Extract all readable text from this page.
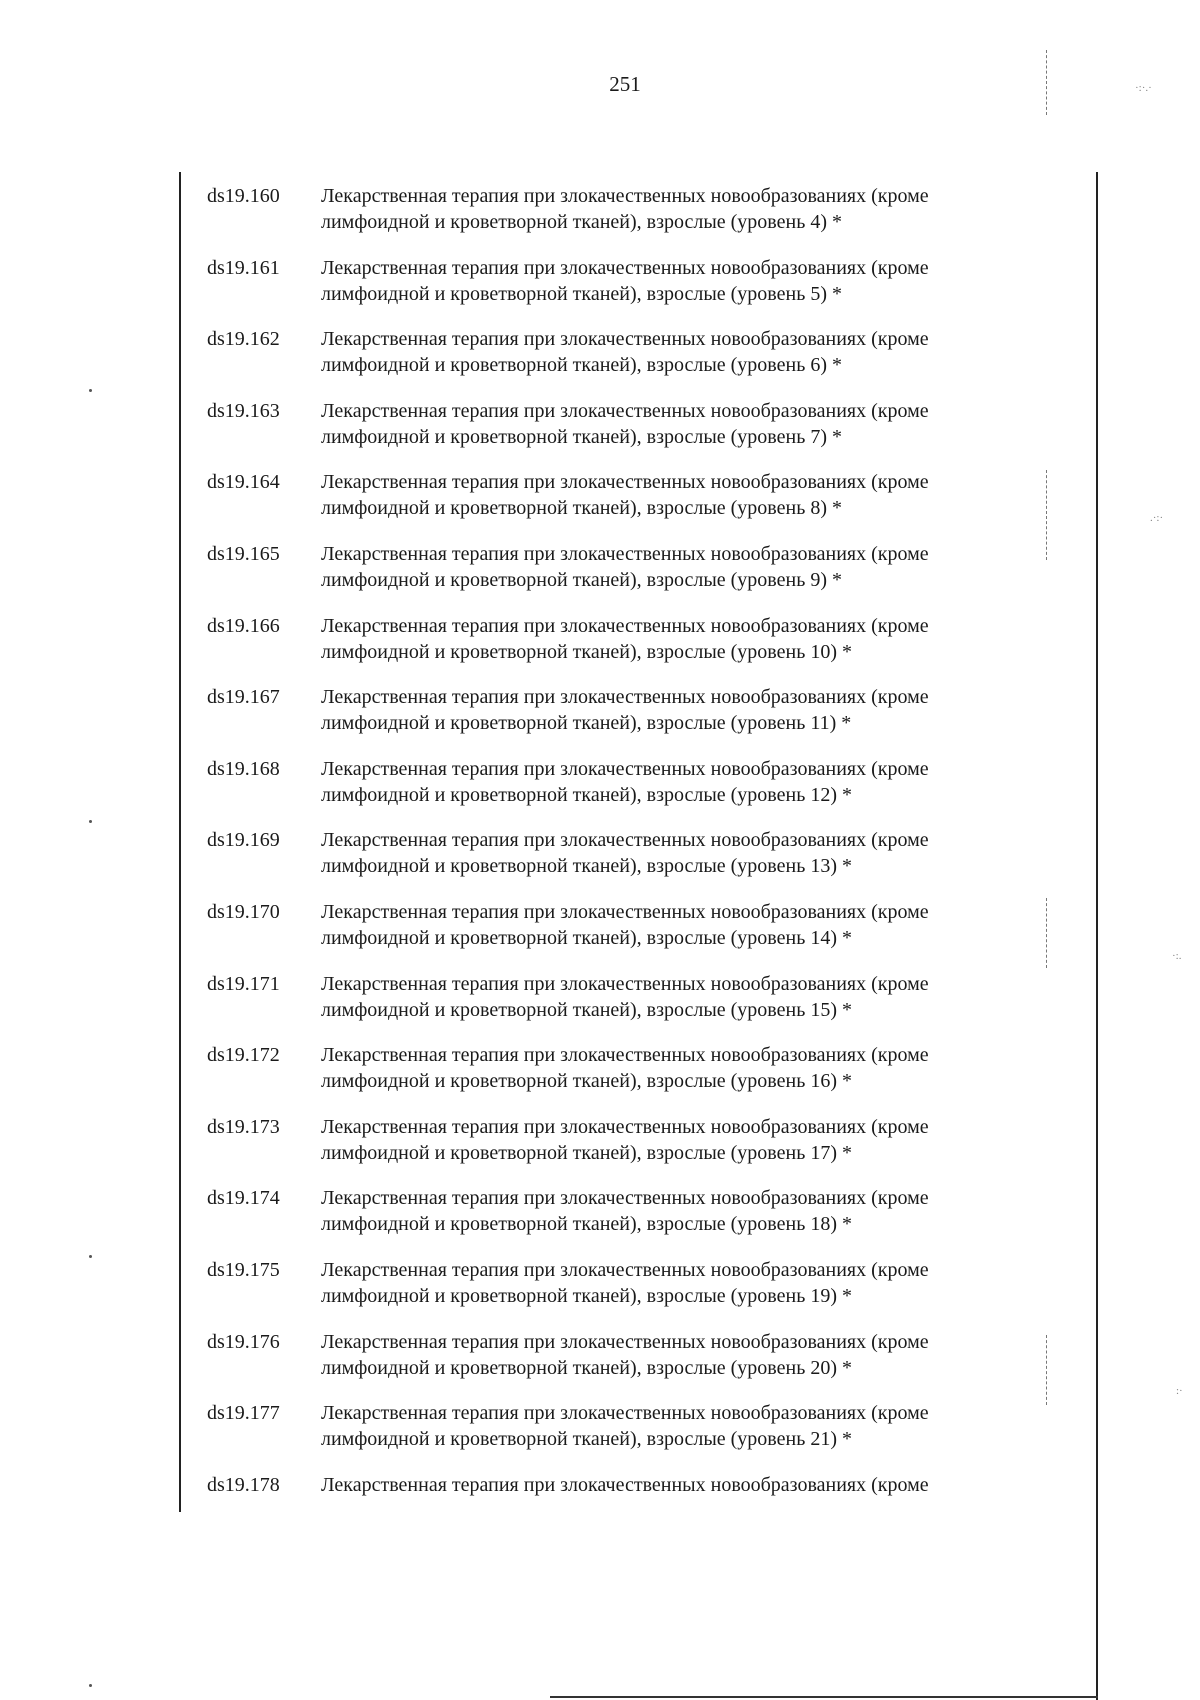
251
ds19.160 Лекарственная терапия при злокачественных новообразованиях (кроме
лимфоидной и кроветворной тканей), взрослые (уровень 4) *
ds19.161 Лекарственная терапия при злокачественных новообразованиях (кроме
лимфоидной и кроветворной тканей), взрослые (уровень 5) *
ds19.162 Лекарственная терапия при злокачественных новообразованиях (кроме
лимфоидной и кроветворной тканей), взрослые (уровень 6) *
ds19.163 Лекарственная терапия при злокачественных новообразованиях (кроме
лимфоидной и кроветворной тканей), взрослые (уровень 7) *
ds19.164 Лекарственная терапия при злокачественных новообразованиях (кроме
лимфоидной и кроветворной тканей), взрослые (уровень 8) *
ds19.165 Лекарственная терапия при злокачественных новообразованиях (кроме
лимфоидной и кроветворной тканей), взрослые (уровень 9) *
ds19.166 Лекарственная терапия при злокачественных новообразованиях (кроме
лимфоидной и кроветворной тканей), взрослые (уровень 10) *
ds19.167 Лекарственная терапия при злокачественных новообразованиях (кроме
лимфоидной и кроветворной тканей), взрослые (уровень 11) *
ds19.168 Лекарственная терапия при злокачественных новообразованиях (кроме
лимфоидной и кроветворной тканей), взрослые (уровень 12) *
ds19.169 Лекарственная терапия при злокачественных новообразованиях (кроме
лимфоидной и кроветворной тканей), взрослые (уровень 13) *
ds19.170 Лекарственная терапия при злокачественных новообразованиях (кроме
лимфоидной и кроветворной тканей), взрослые (уровень 14) *
ds19.171 Лекарственная терапия при злокачественных новообразованиях (кроме
лимфоидной и кроветворной тканей), взрослые (уровень 15) *
ds19.172 Лекарственная терапия при злокачественных новообразованиях (кроме
лимфоидной и кроветворной тканей), взрослые (уровень 16) *
ds19.173 Лекарственная терапия при злокачественных новообразованиях (кроме
лимфоидной и кроветворной тканей), взрослые (уровень 17) *
ds19.174 Лекарственная терапия при злокачественных новообразованиях (кроме
лимфоидной и кроветворной тканей), взрослые (уровень 18) *
ds19.175 Лекарственная терапия при злокачественных новообразованиях (кроме
лимфоидной и кроветворной тканей), взрослые (уровень 19) *
ds19.176 Лекарственная терапия при злокачественных новообразованиях (кроме
лимфоидной и кроветворной тканей), взрослые (уровень 20) *
ds19.177 Лекарственная терапия при злокачественных новообразованиях (кроме
лимфоидной и кроветворной тканей), взрослые (уровень 21) *
ds19.178 Лекарственная терапия при злокачественных новообразованиях (кроме
·:·.·
.·:·
·:.
:·
